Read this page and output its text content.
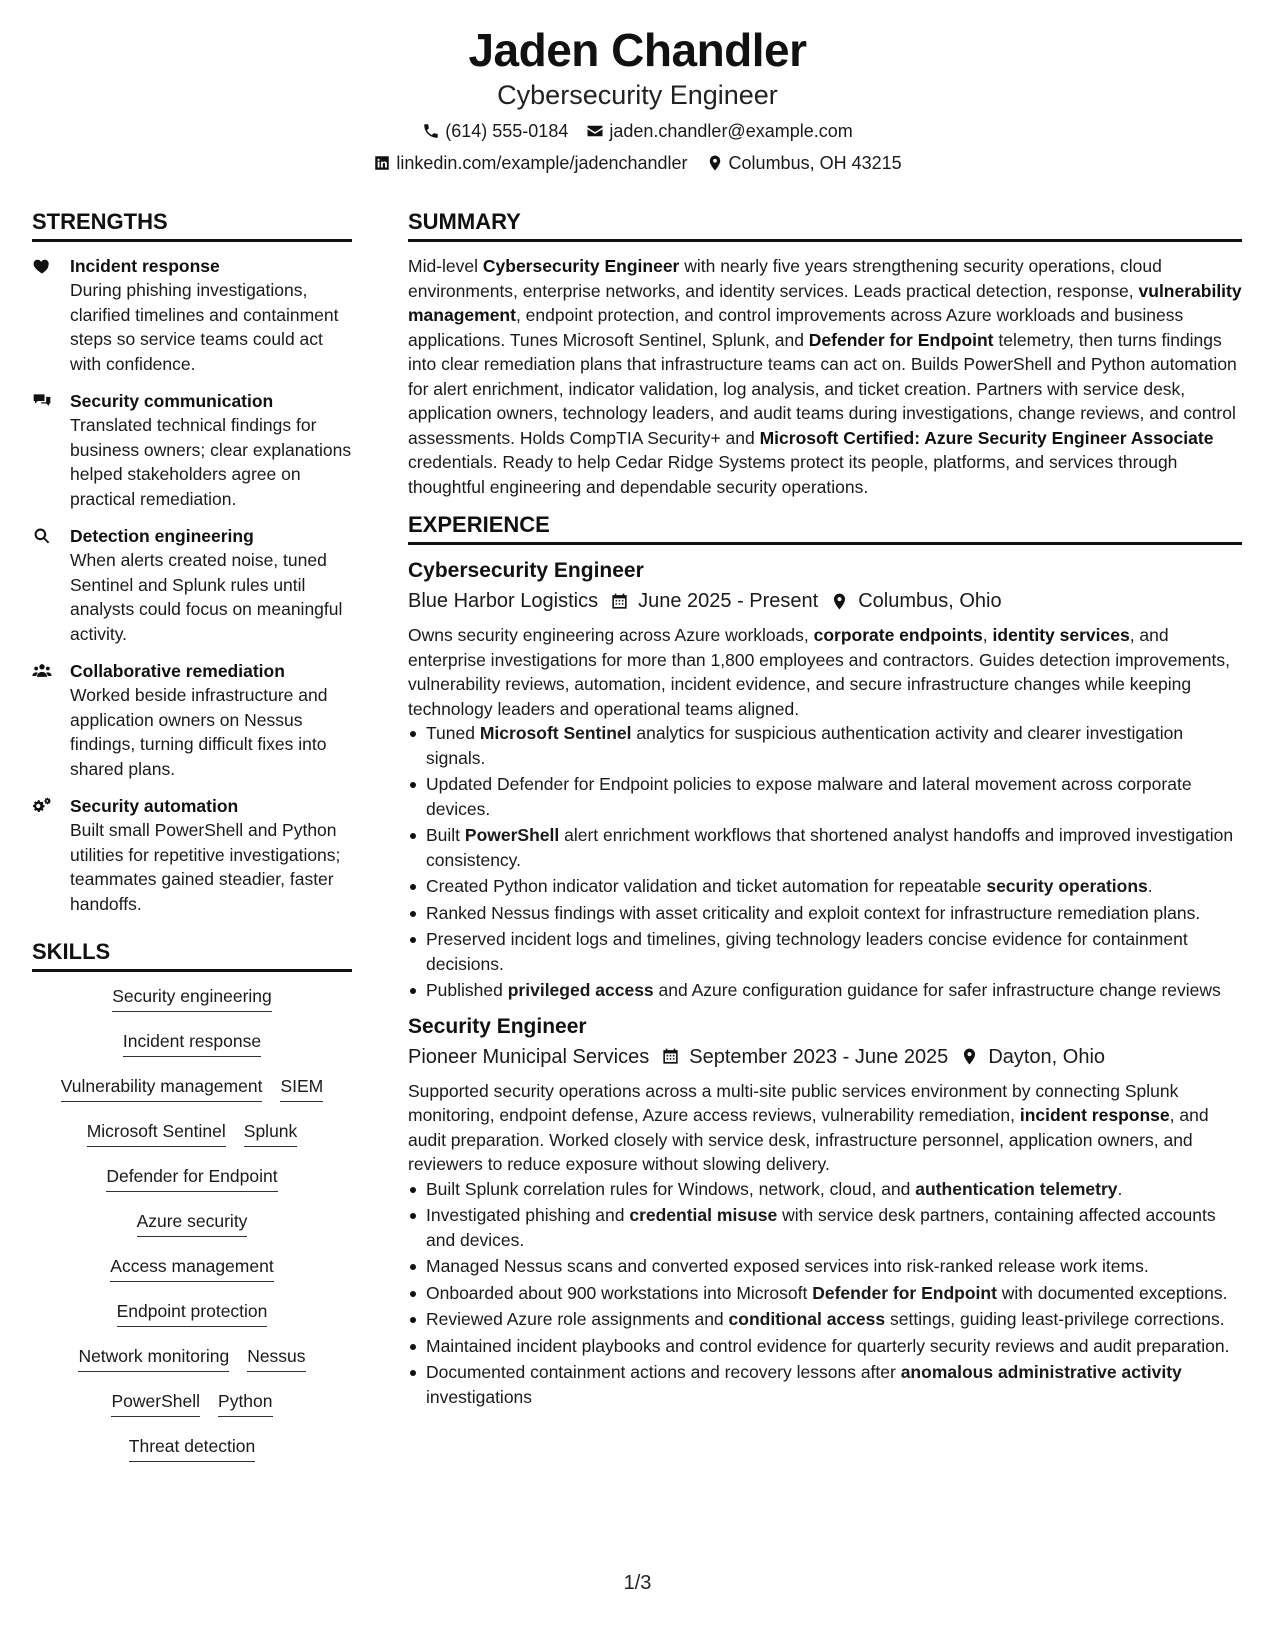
Jaden Chandler
Cybersecurity Engineer
(614) 555-0184 jaden.chandler@example.com
linkedin.com/example/jadenchandler Columbus, OH 43215
STRENGTHS
Incident response
During phishing investigations, clarified timelines and containment steps so service teams could act with confidence.
Security communication
Translated technical findings for business owners; clear explanations helped stakeholders agree on practical remediation.
Detection engineering
When alerts created noise, tuned Sentinel and Splunk rules until analysts could focus on meaningful activity.
Collaborative remediation
Worked beside infrastructure and application owners on Nessus findings, turning difficult fixes into shared plans.
Security automation
Built small PowerShell and Python utilities for repetitive investigations; teammates gained steadier, faster handoffs.
SKILLS
Security engineering
Incident response
Vulnerability management SIEM
Microsoft Sentinel Splunk
Defender for Endpoint
Azure security
Access management
Endpoint protection
Network monitoring Nessus
PowerShell Python
Threat detection
SUMMARY
Mid-level Cybersecurity Engineer with nearly five years strengthening security operations, cloud environments, enterprise networks, and identity services. Leads practical detection, response, vulnerability management, endpoint protection, and control improvements across Azure workloads and business applications. Tunes Microsoft Sentinel, Splunk, and Defender for Endpoint telemetry, then turns findings into clear remediation plans that infrastructure teams can act on. Builds PowerShell and Python automation for alert enrichment, indicator validation, log analysis, and ticket creation. Partners with service desk, application owners, technology leaders, and audit teams during investigations, change reviews, and control assessments. Holds CompTIA Security+ and Microsoft Certified: Azure Security Engineer Associate credentials. Ready to help Cedar Ridge Systems protect its people, platforms, and services through thoughtful engineering and dependable security operations.
EXPERIENCE
Cybersecurity Engineer
Blue Harbor Logistics June 2025 - Present Columbus, Ohio
Owns security engineering across Azure workloads, corporate endpoints, identity services, and enterprise investigations for more than 1,800 employees and contractors. Guides detection improvements, vulnerability reviews, automation, incident evidence, and secure infrastructure changes while keeping technology leaders and operational teams aligned.
Tuned Microsoft Sentinel analytics for suspicious authentication activity and clearer investigation signals.
Updated Defender for Endpoint policies to expose malware and lateral movement across corporate devices.
Built PowerShell alert enrichment workflows that shortened analyst handoffs and improved investigation consistency.
Created Python indicator validation and ticket automation for repeatable security operations.
Ranked Nessus findings with asset criticality and exploit context for infrastructure remediation plans.
Preserved incident logs and timelines, giving technology leaders concise evidence for containment decisions.
Published privileged access and Azure configuration guidance for safer infrastructure change reviews
Security Engineer
Pioneer Municipal Services September 2023 - June 2025 Dayton, Ohio
Supported security operations across a multi-site public services environment by connecting Splunk monitoring, endpoint defense, Azure access reviews, vulnerability remediation, incident response, and audit preparation. Worked closely with service desk, infrastructure personnel, application owners, and reviewers to reduce exposure without slowing delivery.
Built Splunk correlation rules for Windows, network, cloud, and authentication telemetry.
Investigated phishing and credential misuse with service desk partners, containing affected accounts and devices.
Managed Nessus scans and converted exposed services into risk-ranked release work items.
Onboarded about 900 workstations into Microsoft Defender for Endpoint with documented exceptions.
Reviewed Azure role assignments and conditional access settings, guiding least-privilege corrections.
Maintained incident playbooks and control evidence for quarterly security reviews and audit preparation.
Documented containment actions and recovery lessons after anomalous administrative activity investigations
1/3
